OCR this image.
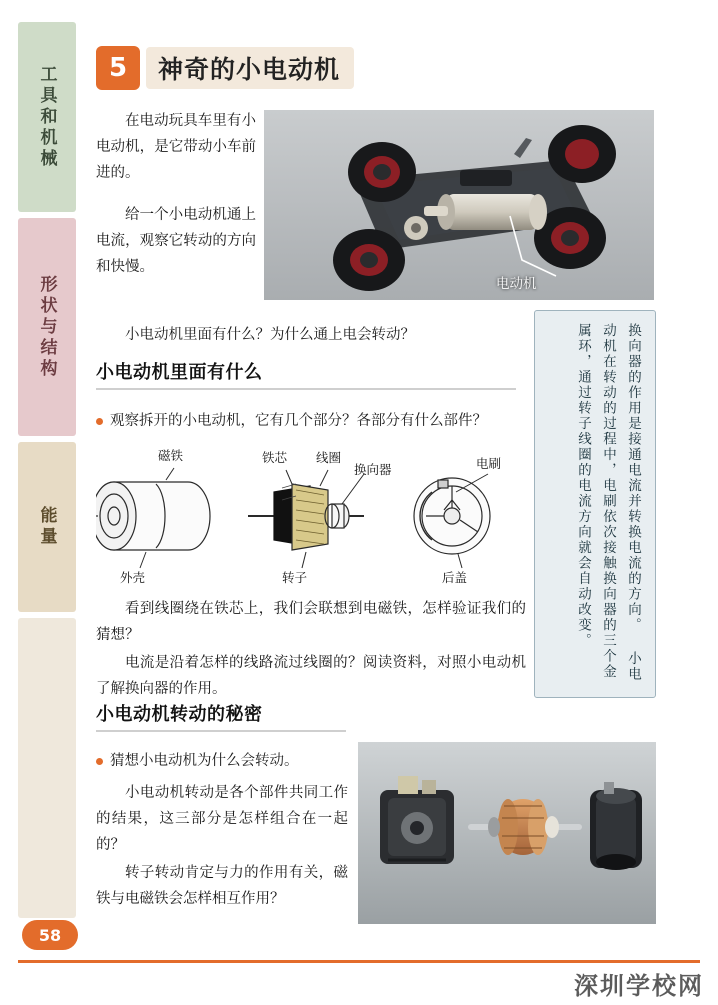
工具和机械
形状与结构
能量
5	神奇的小电动机

在电动玩具车里有小电动机，是它带动小车前进的。

给一个小电动机通上电流，观察它转动的方向和快慢。

电动机
小电动机里面有什么？为什么通上电会转动？
小电动机里面有什么
观察拆开的小电动机，它有几个部分？各部分有什么部件？
磁铁
外壳
铁芯 线圈
换向器
转子
电刷
后盖

看到线圈绕在铁芯上，我们会联想到电磁铁，怎样验证我们的猜想？

电流是沿着怎样的线路流过线圈的？阅读资料，对照小电动机了解换向器的作用。

小电动机转动的秘密
猜想小电动机为什么会转动。

小电动机转动是各个部件共同工作的结果，这三部分是怎样组合在一起的？

转子转动肯定与力的作用有关，磁铁与电磁铁会怎样相互作用？

换向器的作用是接通电流并转换电流的方向。 小电动机在转动的过程中，电刷依次接触换向器的三个金属环，通过转子线圈的电流方向就会自动改变。
58
深圳学校网
